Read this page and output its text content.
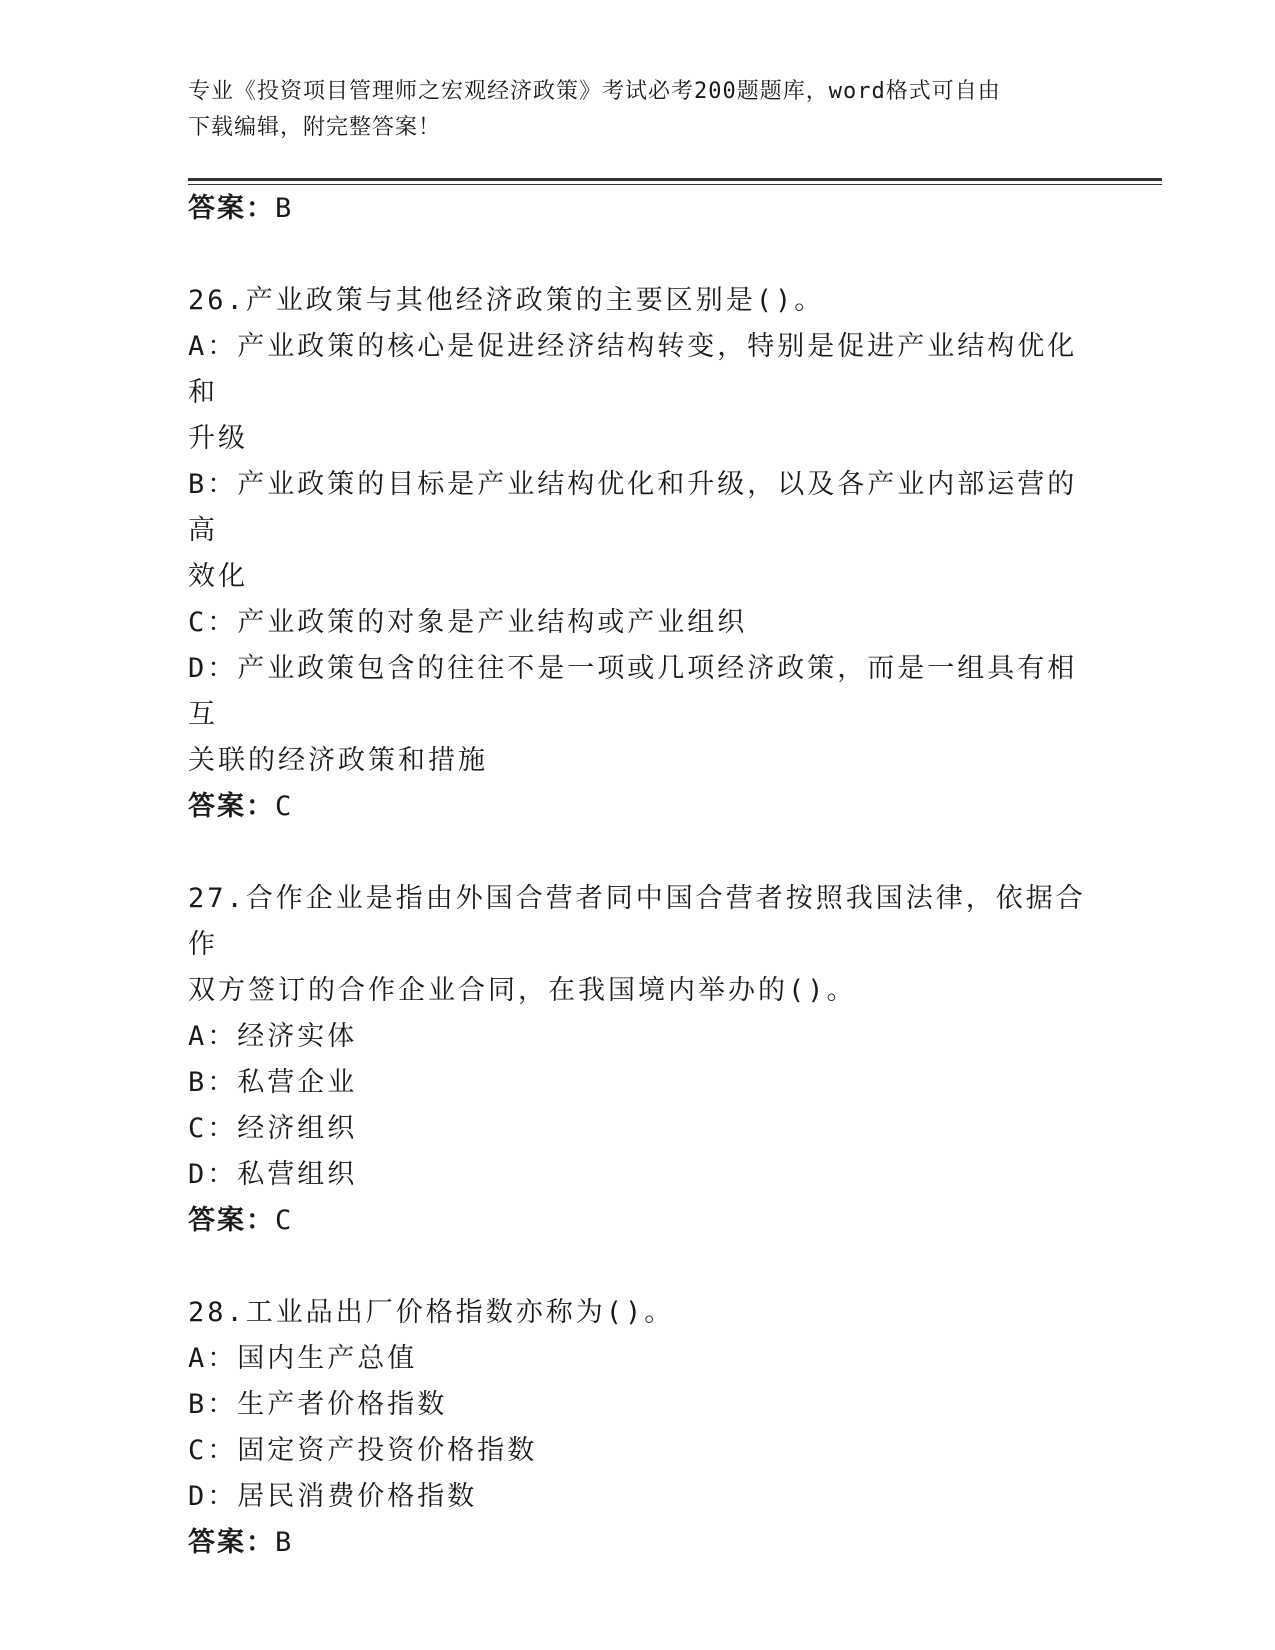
专业《投资项目管理师之宏观经济政策》考试必考200题题库，word格式可自由
下载编辑，附完整答案！

答案：B

26.产业政策与其他经济政策的主要区别是()。

A：产业政策的核心是促进经济结构转变，特别是促进产业结构优化和
升级
B：产业政策的目标是产业结构优化和升级，以及各产业内部运营的高
效化
C：产业政策的对象是产业结构或产业组织
D：产业政策包含的往往不是一项或几项经济政策，而是一组具有相互
关联的经济政策和措施

答案：C

27.合作企业是指由外国合营者同中国合营者按照我国法律，依据合作

双方签订的合作企业合同，在我国境内举办的()。

A：经济实体
B：私营企业
C：经济组织
D：私营组织

答案：C

28.工业品出厂价格指数亦称为()。

A：国内生产总值
B：生产者价格指数
C：固定资产投资价格指数
D：居民消费价格指数

答案：B
